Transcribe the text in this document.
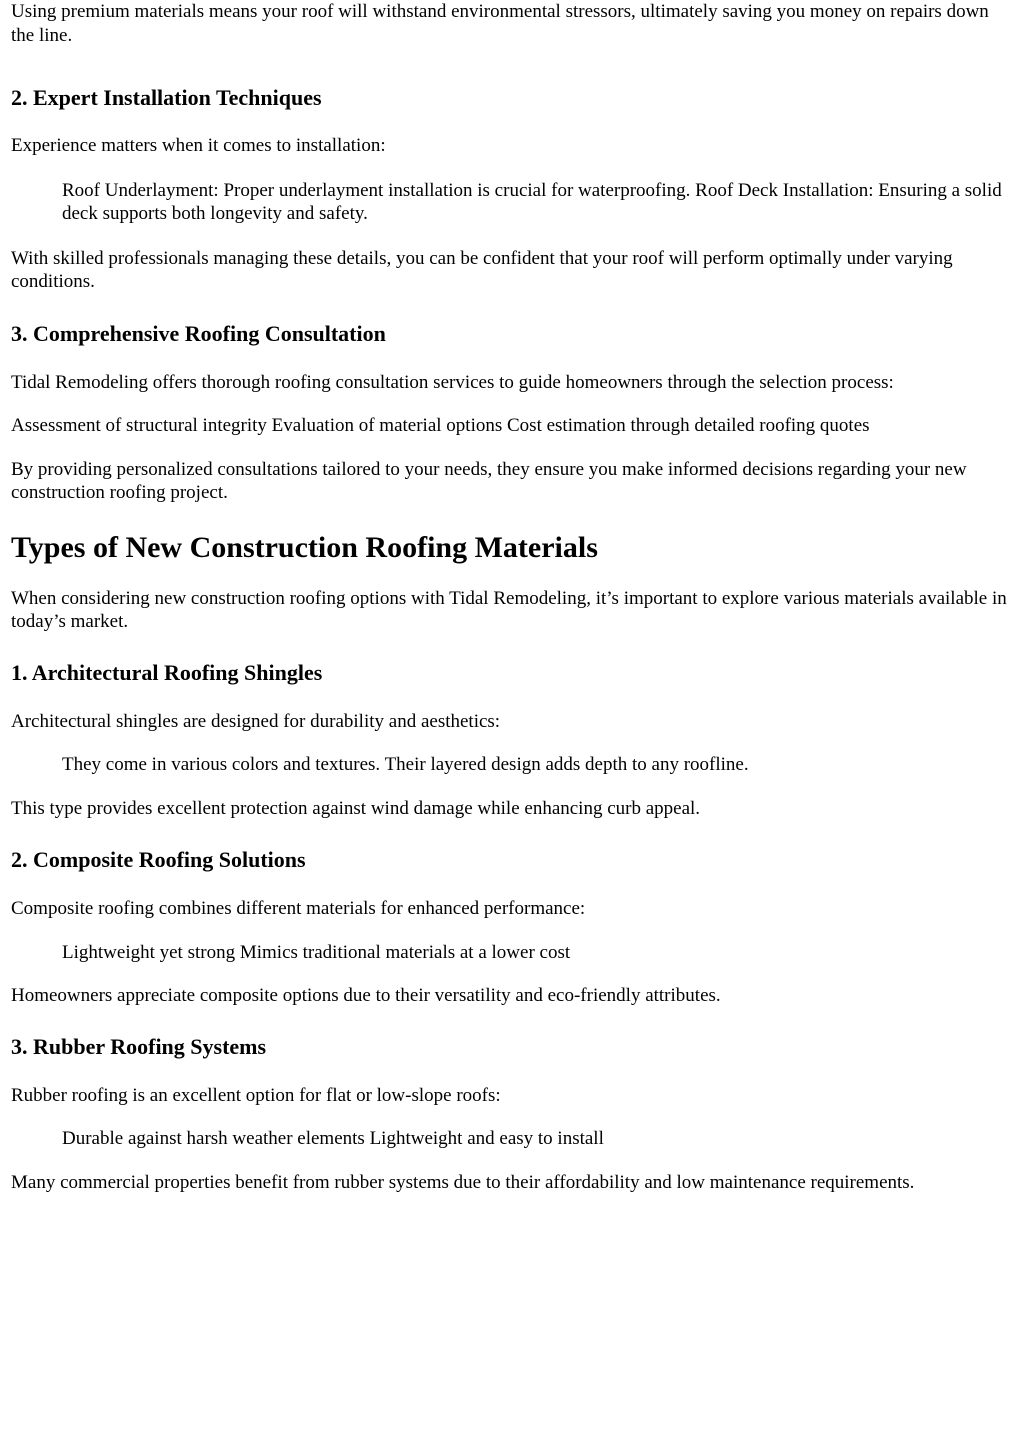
Using premium materials means your roof will withstand environmental stressors, ultimately saving you money on repairs down the line.

2. Expert Installation Techniques

Experience matters when it comes to installation:

Roof Underlayment: Proper underlayment installation is crucial for waterproofing. Roof Deck Installation: Ensuring a solid deck supports both longevity and safety.

With skilled professionals managing these details, you can be confident that your roof will perform optimally under varying conditions.

3. Comprehensive Roofing Consultation

Tidal Remodeling offers thorough roofing consultation services to guide homeowners through the selection process:

Assessment of structural integrity Evaluation of material options Cost estimation through detailed roofing quotes

By providing personalized consultations tailored to your needs, they ensure you make informed decisions regarding your new construction roofing project.

Types of New Construction Roofing Materials

When considering new construction roofing options with Tidal Remodeling, it’s important to explore various materials available in today’s market.

1. Architectural Roofing Shingles

Architectural shingles are designed for durability and aesthetics:

They come in various colors and textures. Their layered design adds depth to any roofline.

This type provides excellent protection against wind damage while enhancing curb appeal.

2. Composite Roofing Solutions

Composite roofing combines different materials for enhanced performance:

Lightweight yet strong Mimics traditional materials at a lower cost

Homeowners appreciate composite options due to their versatility and eco-friendly attributes.

3. Rubber Roofing Systems

Rubber roofing is an excellent option for flat or low-slope roofs:

Durable against harsh weather elements Lightweight and easy to install

Many commercial properties benefit from rubber systems due to their affordability and low maintenance requirements.
